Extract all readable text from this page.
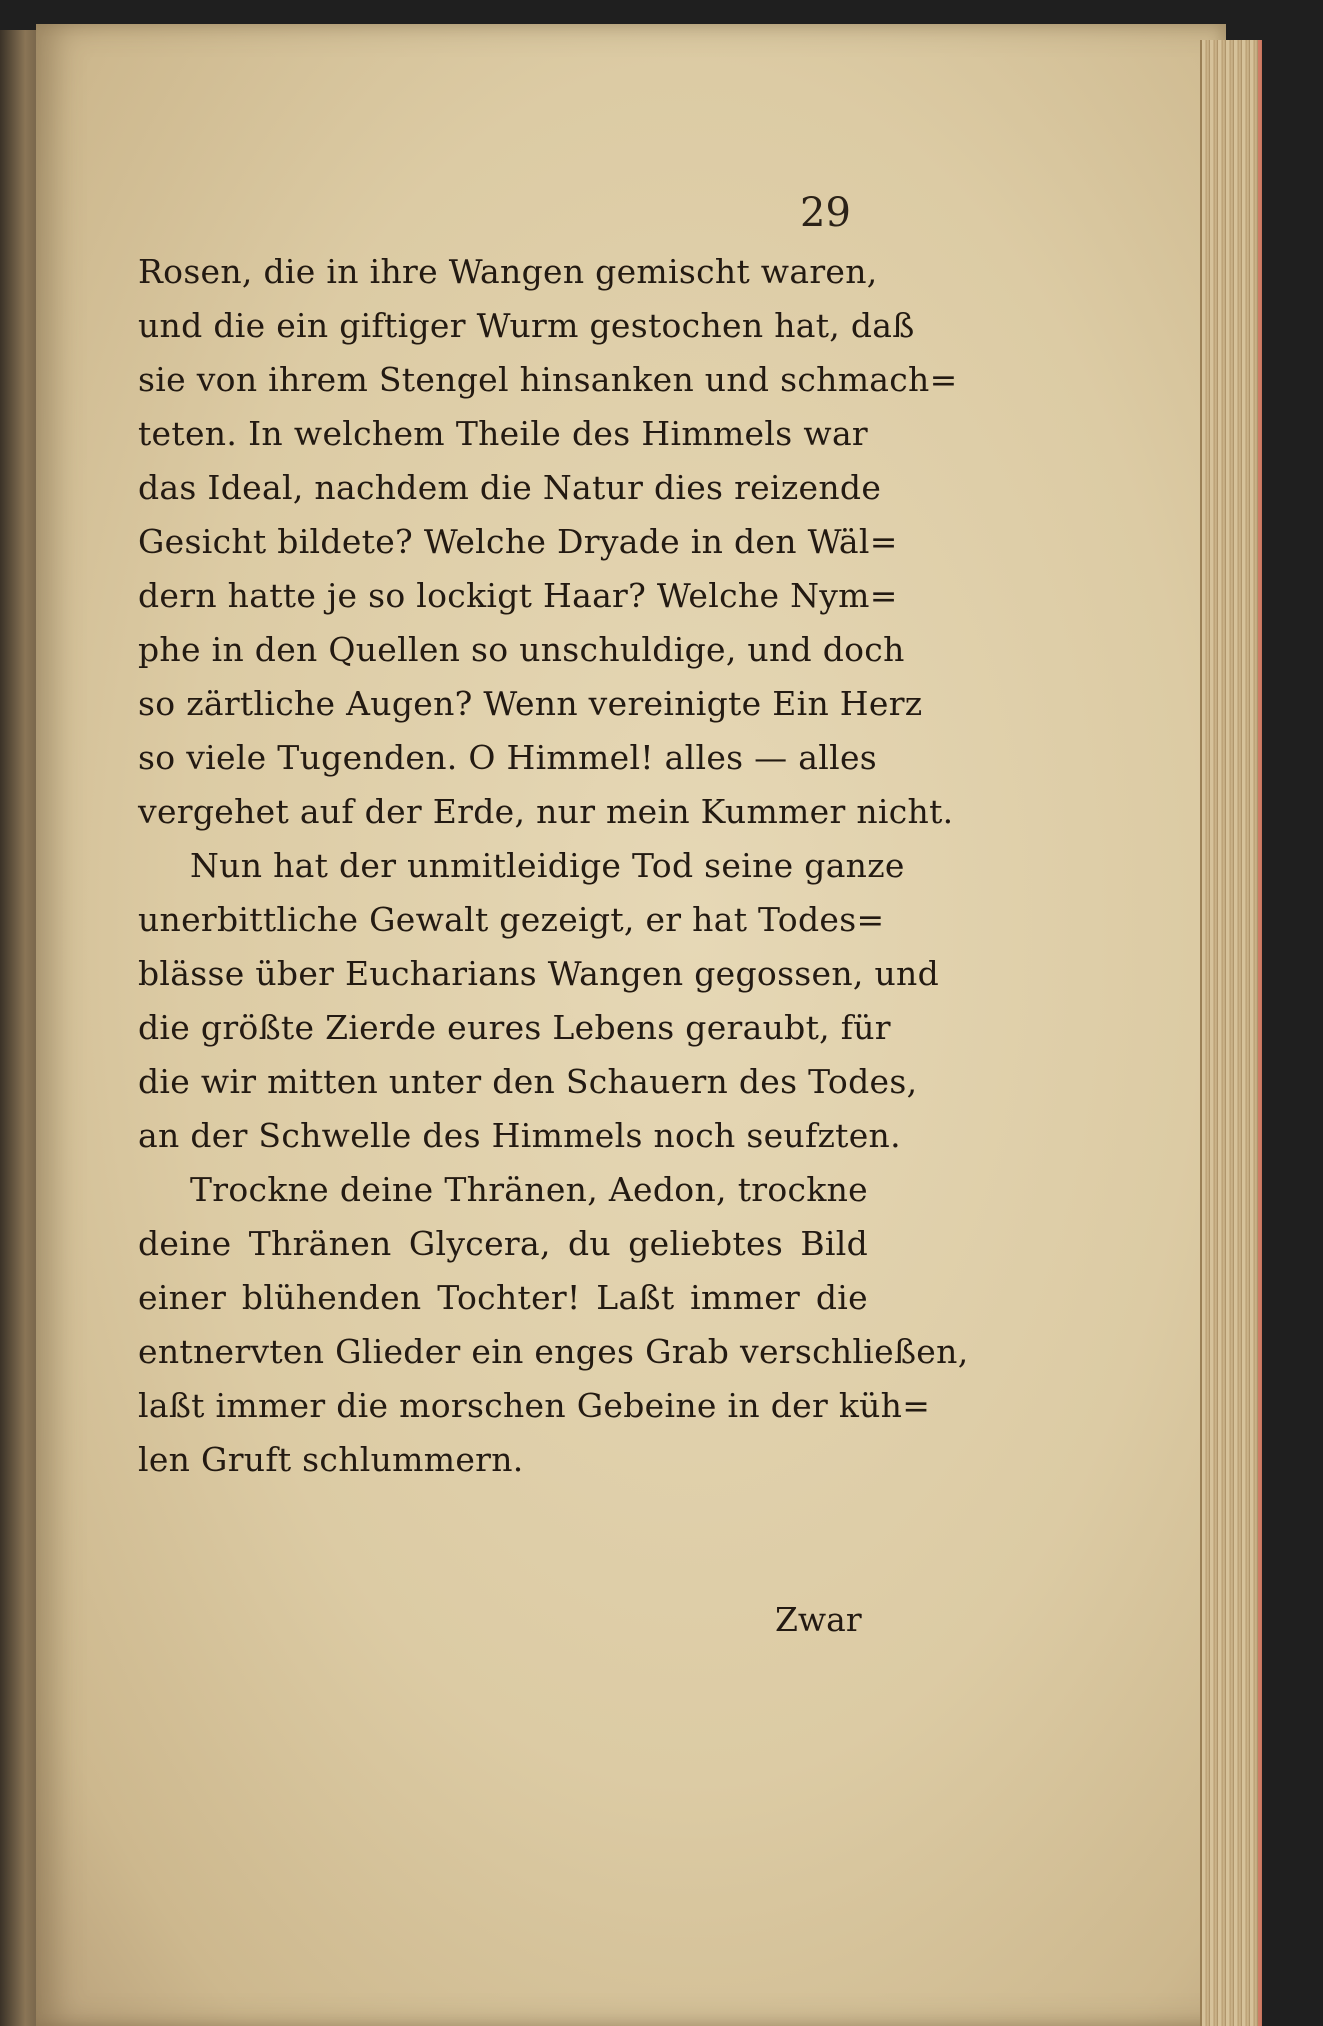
29
Rosen, die in ihre Wangen gemischt waren,
und die ein giftiger Wurm gestochen hat, daß
sie von ihrem Stengel hinsanken und schmach=
teten. In welchem Theile des Himmels war
das Ideal, nachdem die Natur dies reizende
Gesicht bildete? Welche Dryade in den Wäl=
dern hatte je so lockigt Haar? Welche Nym=
phe in den Quellen so unschuldige, und doch
so zärtliche Augen? Wenn vereinigte Ein Herz
so viele Tugenden. O Himmel! alles — alles
vergehet auf der Erde, nur mein Kummer nicht.
Nun hat der unmitleidige Tod seine ganze
unerbittliche Gewalt gezeigt, er hat Todes=
blässe über Eucharians Wangen gegossen, und
die größte Zierde eures Lebens geraubt, für
die wir mitten unter den Schauern des Todes,
an der Schwelle des Himmels noch seufzten.
Trockne deine Thränen, Aedon, trockne
deine Thränen Glycera, du geliebtes Bild
einer blühenden Tochter! Laßt immer die
entnervten Glieder ein enges Grab verschließen,
laßt immer die morschen Gebeine in der küh=
len Gruft schlummern.
Zwar
